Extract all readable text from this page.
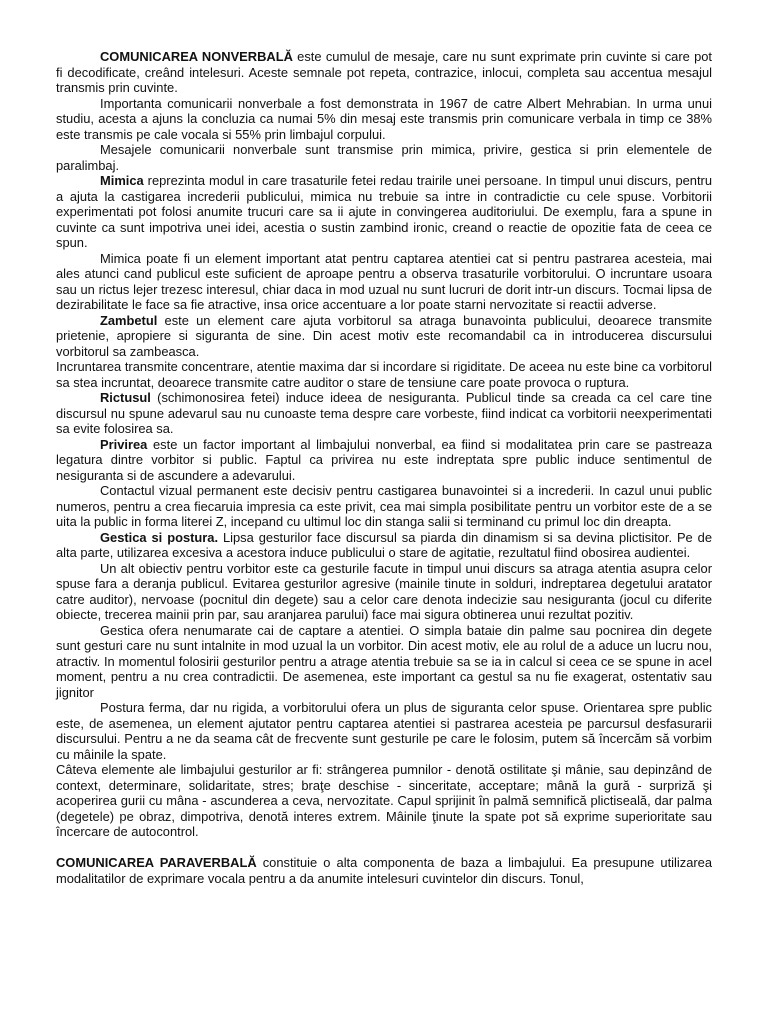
COMUNICAREA NONVERBALĂ este cumulul de mesaje, care nu sunt exprimate prin cuvinte si care pot fi decodificate, creând intelesuri. Aceste semnale pot repeta, contrazice, inlocui, completa sau accentua mesajul transmis prin cuvinte.

Importanta comunicarii nonverbale a fost demonstrata in 1967 de catre Albert Mehrabian. In urma unui studiu, acesta a ajuns la concluzia ca numai 5% din mesaj este transmis prin comunicare verbala in timp ce 38% este transmis pe cale vocala si 55% prin limbajul corpului.

Mesajele comunicarii nonverbale sunt transmise prin mimica, privire, gestica si prin elementele de paralimbaj.

Mimica reprezinta modul in care trasaturile fetei redau trairile unei persoane. In timpul unui discurs, pentru a ajuta la castigarea increderii publicului, mimica nu trebuie sa intre in contradictie cu cele spuse. Vorbitorii experimentati pot folosi anumite trucuri care sa ii ajute in convingerea auditoriului. De exemplu, fara a spune in cuvinte ca sunt impotriva unei idei, acestia o sustin zambind ironic, creand o reactie de opozitie fata de ceea ce spun.

Mimica poate fi un element important atat pentru captarea atentiei cat si pentru pastrarea acesteia, mai ales atunci cand publicul este suficient de aproape pentru a observa trasaturile vorbitorului. O incruntare usoara sau un rictus lejer trezesc interesul, chiar daca in mod uzual nu sunt lucruri de dorit intr-un discurs. Tocmai lipsa de dezirabilitate le face sa fie atractive, insa orice accentuare a lor poate starni nervozitate si reactii adverse.

Zambetul este un element care ajuta vorbitorul sa atraga bunavointa publicului, deoarece transmite prietenie, apropiere si siguranta de sine. Din acest motiv este recomandabil ca in introducerea discursului vorbitorul sa zambeasca.

Incruntarea transmite concentrare, atentie maxima dar si incordare si rigiditate. De aceea nu este bine ca vorbitorul sa stea incruntat, deoarece transmite catre auditor o stare de tensiune care poate provoca o ruptura.

Rictusul (schimonosirea fetei) induce ideea de nesiguranta. Publicul tinde sa creada ca cel care tine discursul nu spune adevarul sau nu cunoaste tema despre care vorbeste, fiind indicat ca vorbitorii neexperimentati sa evite folosirea sa.

Privirea este un factor important al limbajului nonverbal, ea fiind si modalitatea prin care se pastreaza legatura dintre vorbitor si public. Faptul ca privirea nu este indreptata spre public induce sentimentul de nesiguranta si de ascundere a adevarului.

Contactul vizual permanent este decisiv pentru castigarea bunavointei si a increderii. In cazul unui public numeros, pentru a crea fiecaruia impresia ca este privit, cea mai simpla posibilitate pentru un vorbitor este de a se uita la public in forma literei Z, incepand cu ultimul loc din stanga salii si terminand cu primul loc din dreapta.

Gestica si postura. Lipsa gesturilor face discursul sa piarda din dinamism si sa devina plictisitor. Pe de alta parte, utilizarea excesiva a acestora induce publicului o stare de agitatie, rezultatul fiind obosirea audientei.

Un alt obiectiv pentru vorbitor este ca gesturile facute in timpul unui discurs sa atraga atentia asupra celor spuse fara a deranja publicul. Evitarea gesturilor agresive (mainile tinute in solduri, indreptarea degetului aratator catre auditor), nervoase (pocnitul din degete) sau a celor care denota indecizie sau nesiguranta (jocul cu diferite obiecte, trecerea mainii prin par, sau aranjarea parului) face mai sigura obtinerea unui rezultat pozitiv.

Gestica ofera nenumarate cai de captare a atentiei. O simpla bataie din palme sau pocnirea din degete sunt gesturi care nu sunt intalnite in mod uzual la un vorbitor. Din acest motiv, ele au rolul de a aduce un lucru nou, atractiv. In momentul folosirii gesturilor pentru a atrage atentia trebuie sa se ia in calcul si ceea ce se spune in acel moment, pentru a nu crea contradictii. De asemenea, este important ca gestul sa nu fie exagerat, ostentativ sau jignitor

Postura ferma, dar nu rigida, a vorbitorului ofera un plus de siguranta celor spuse. Orientarea spre public este, de asemenea, un element ajutator pentru captarea atentiei si pastrarea acesteia pe parcursul desfasurarii discursului. Pentru a ne da seama cât de frecvente sunt gesturile pe care le folosim, putem să încercăm să vorbim cu mâinile la spate.

Câteva elemente ale limbajului gesturilor ar fi: strângerea pumnilor - denotă ostilitate şi mânie, sau depinzând de context, determinare, solidaritate, stres; braţe deschise - sinceritate, acceptare; mână la gură - surpriză şi acoperirea gurii cu mâna - ascunderea a ceva, nervozitate. Capul sprijinit în palmă semnifică plictiseală, dar palma (degetele) pe obraz, dimpotriva, denotă interes extrem. Mâinile ţinute la spate pot să exprime superioritate sau încercare de autocontrol.

COMUNICAREA PARAVERBALĂ constituie o alta componenta de baza a limbajului. Ea presupune utilizarea modalitatilor de exprimare vocala pentru a da anumite intelesuri cuvintelor din discurs. Tonul,
